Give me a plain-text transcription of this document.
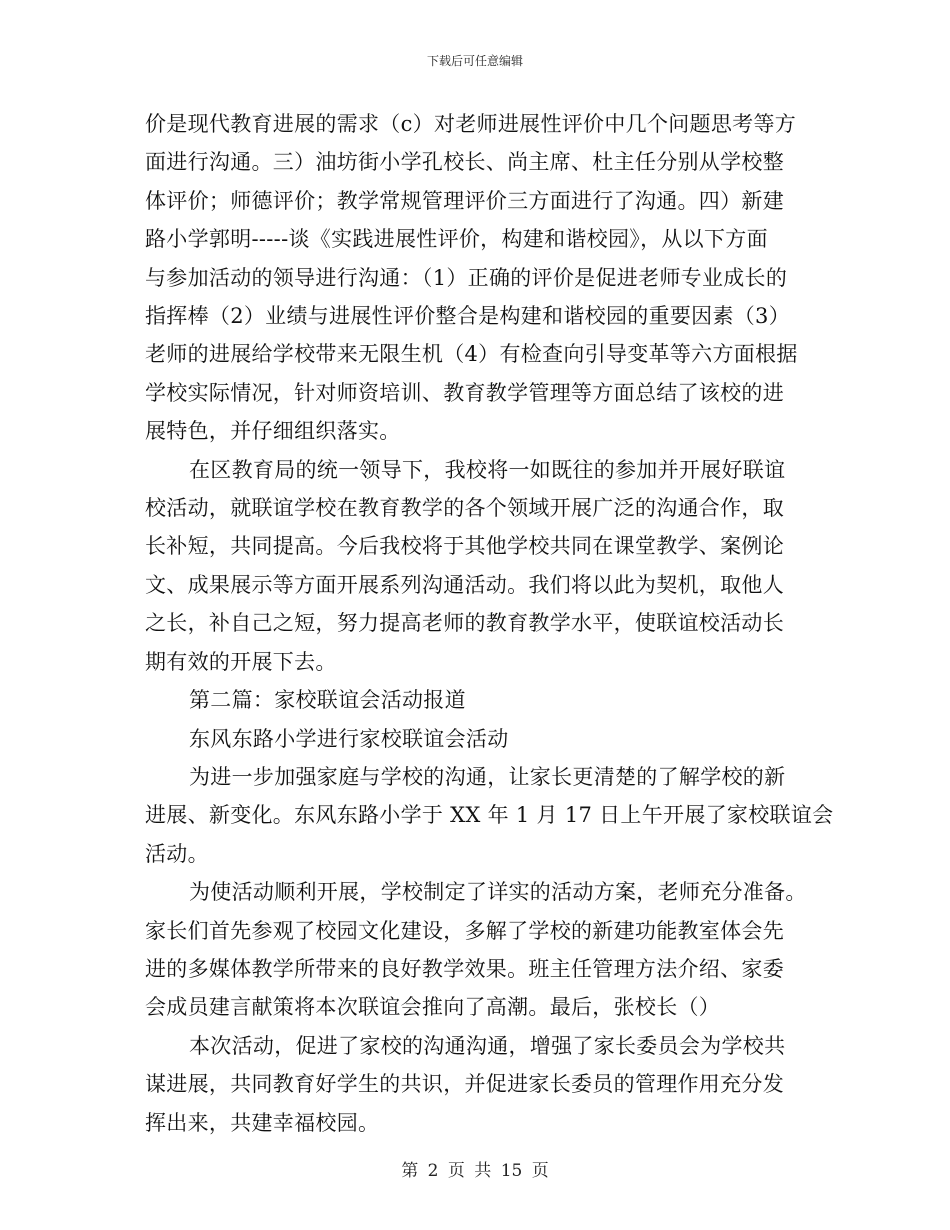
下载后可任意编辑
价是现代教育进展的需求（c）对老师进展性评价中几个问题思考等方
面进行沟通。三）油坊街小学孔校长、尚主席、杜主任分别从学校整
体评价；师德评价；教学常规管理评价三方面进行了沟通。四）新建
路小学郭明-----谈《实践进展性评价，构建和谐校园》，从以下方面
与参加活动的领导进行沟通：（1）正确的评价是促进老师专业成长的
指挥棒（2）业绩与进展性评价整合是构建和谐校园的重要因素（3）
老师的进展给学校带来无限生机（4）有检查向引导变革等六方面根据
学校实际情况，针对师资培训、教育教学管理等方面总结了该校的进
展特色，并仔细组织落实。
在区教育局的统一领导下，我校将一如既往的参加并开展好联谊
校活动，就联谊学校在教育教学的各个领域开展广泛的沟通合作，取
长补短，共同提高。今后我校将于其他学校共同在课堂教学、案例论
文、成果展示等方面开展系列沟通活动。我们将以此为契机，取他人
之长，补自己之短，努力提高老师的教育教学水平，使联谊校活动长
期有效的开展下去。
第二篇：家校联谊会活动报道
东风东路小学进行家校联谊会活动
为进一步加强家庭与学校的沟通，让家长更清楚的了解学校的新
进展、新变化。东风东路小学于 XX 年 1 月 17 日上午开展了家校联谊会
活动。
为使活动顺利开展，学校制定了详实的活动方案，老师充分准备。
家长们首先参观了校园文化建设，多解了学校的新建功能教室体会先
进的多媒体教学所带来的良好教学效果。班主任管理方法介绍、家委
会成员建言献策将本次联谊会推向了高潮。最后，张校长（）
本次活动，促进了家校的沟通沟通，增强了家长委员会为学校共
谋进展，共同教育好学生的共识，并促进家长委员的管理作用充分发
挥出来，共建幸福校园。
第 2 页 共 15 页
